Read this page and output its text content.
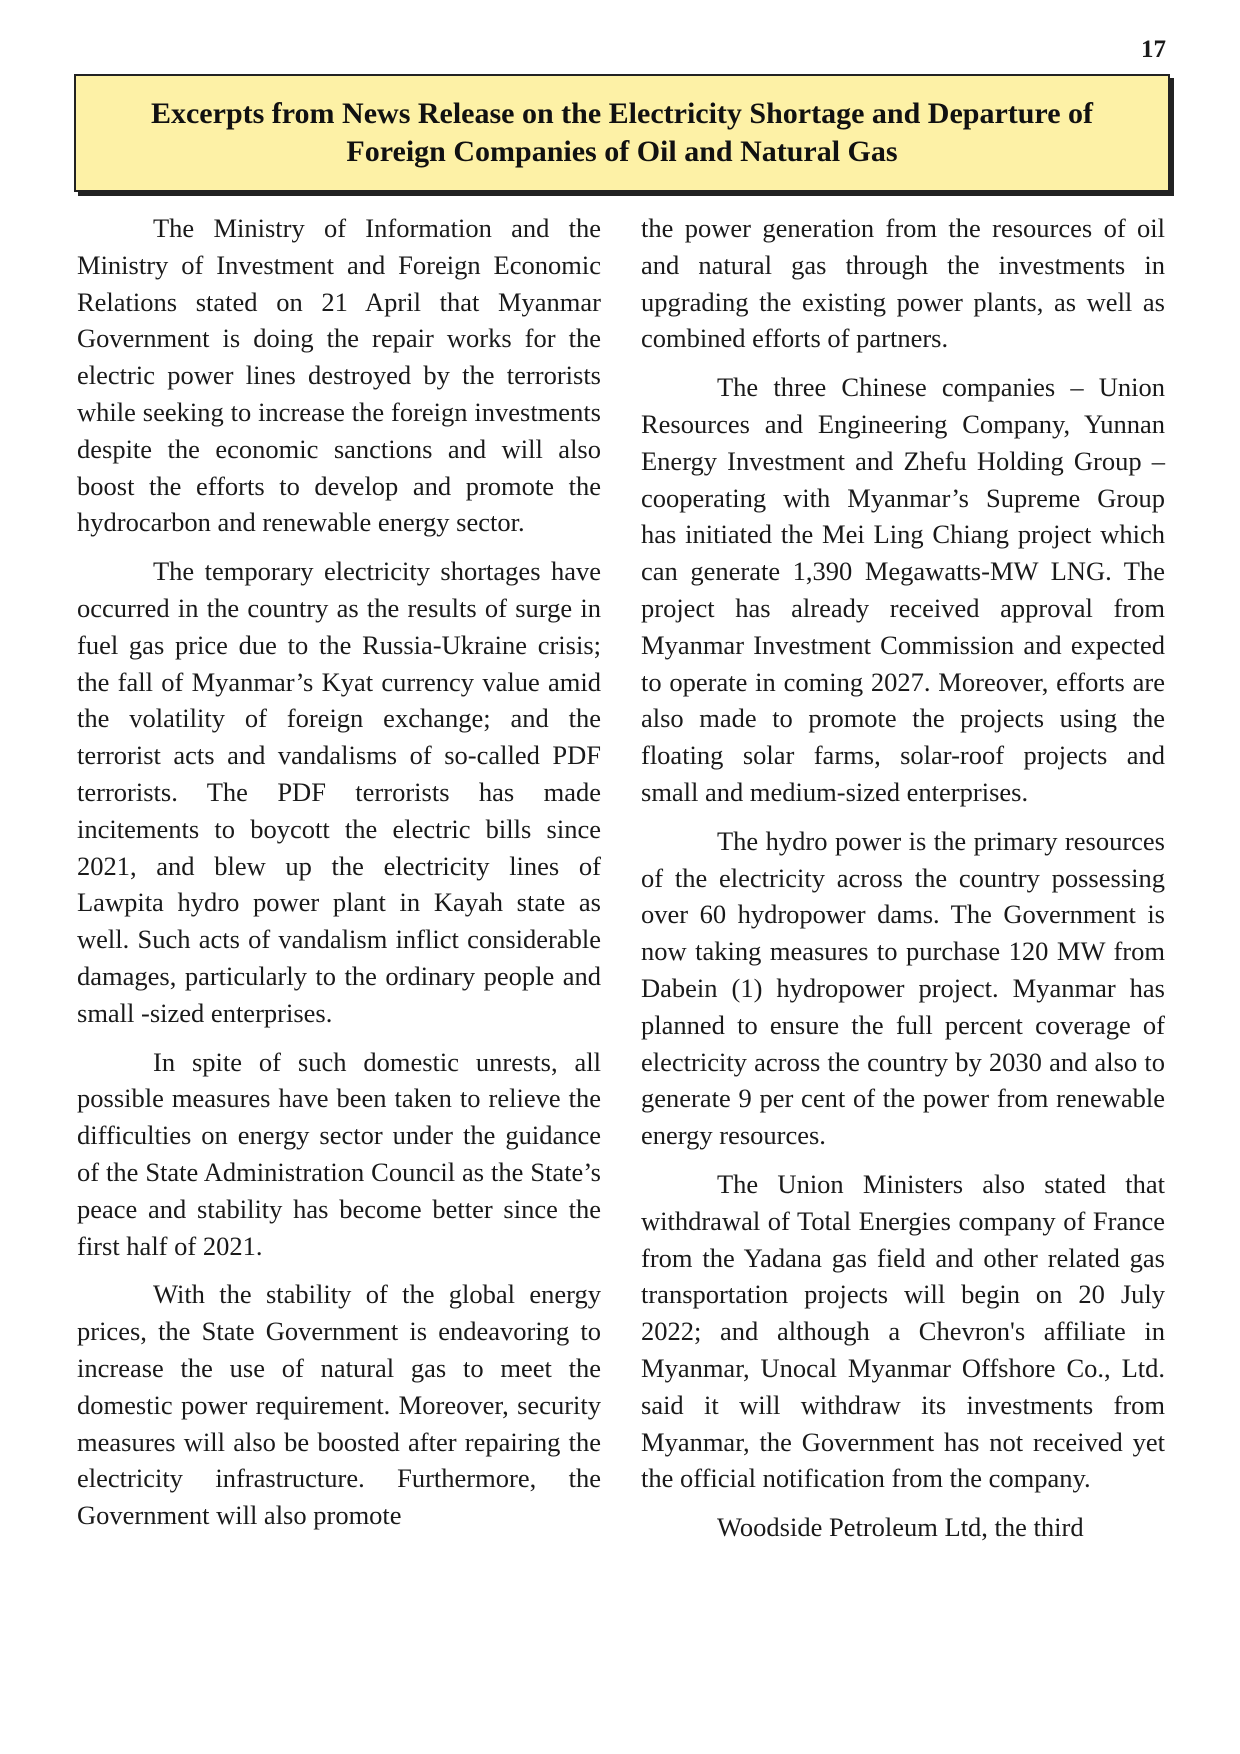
17
Excerpts from News Release on the Electricity Shortage and Departure of
Foreign Companies of Oil and Natural Gas

The Ministry of Information and the Ministry of Investment and Foreign Economic Relations stated on 21 April that Myanmar Government is doing the repair works for the electric power lines destroyed by the terrorists while seeking to increase the foreign investments despite the economic sanctions and will also boost the efforts to develop and promote the hydrocarbon and renewable energy sector.

The temporary electricity shortages have occurred in the country as the results of surge in fuel gas price due to the Russia-Ukraine crisis; the fall of Myanmar’s Kyat currency value amid the volatility of foreign exchange; and the terrorist acts and vandalisms of so-called PDF terrorists. The PDF terrorists has made incitements to boycott the electric bills since 2021, and blew up the electricity lines of Lawpita hydro power plant in Kayah state as well. Such acts of vandalism inflict considerable damages, particularly to the ordinary people and small -sized enterprises.

In spite of such domestic unrests, all possible measures have been taken to relieve the difficulties on energy sector under the guidance of the State Administration Council as the State’s peace and stability has become better since the first half of 2021.

With the stability of the global energy prices, the State Government is endeavoring to increase the use of natural gas to meet the domestic power requirement. Moreover, security measures will also be boosted after repairing the electricity infrastructure. Furthermore, the Government will also promote

the power generation from the resources of oil and natural gas through the investments in upgrading the existing power plants, as well as combined efforts of partners.

The three Chinese companies – Union Resources and Engineering Company, Yunnan Energy Investment and Zhefu Holding Group – cooperating with Myanmar’s Supreme Group has initiated the Mei Ling Chiang project which can generate 1,390 Megawatts-MW LNG. The project has already received approval from Myanmar Investment Commission and expected to operate in coming 2027. Moreover, efforts are also made to promote the projects using the floating solar farms, solar-roof projects and small and medium-sized enterprises.

The hydro power is the primary resources of the electricity across the country possessing over 60 hydropower dams. The Government is now taking measures to purchase 120 MW from Dabein (1) hydropower project. Myanmar has planned to ensure the full percent coverage of electricity across the country by 2030 and also to generate 9 per cent of the power from renewable energy resources.

The Union Ministers also stated that withdrawal of Total Energies company of France from the Yadana gas field and other related gas transportation projects will begin on 20 July 2022; and although a Chevron's affiliate in Myanmar, Unocal Myanmar Offshore Co., Ltd. said it will withdraw its investments from Myanmar, the Government has not received yet the official notification from the company.

Woodside Petroleum Ltd, the third
